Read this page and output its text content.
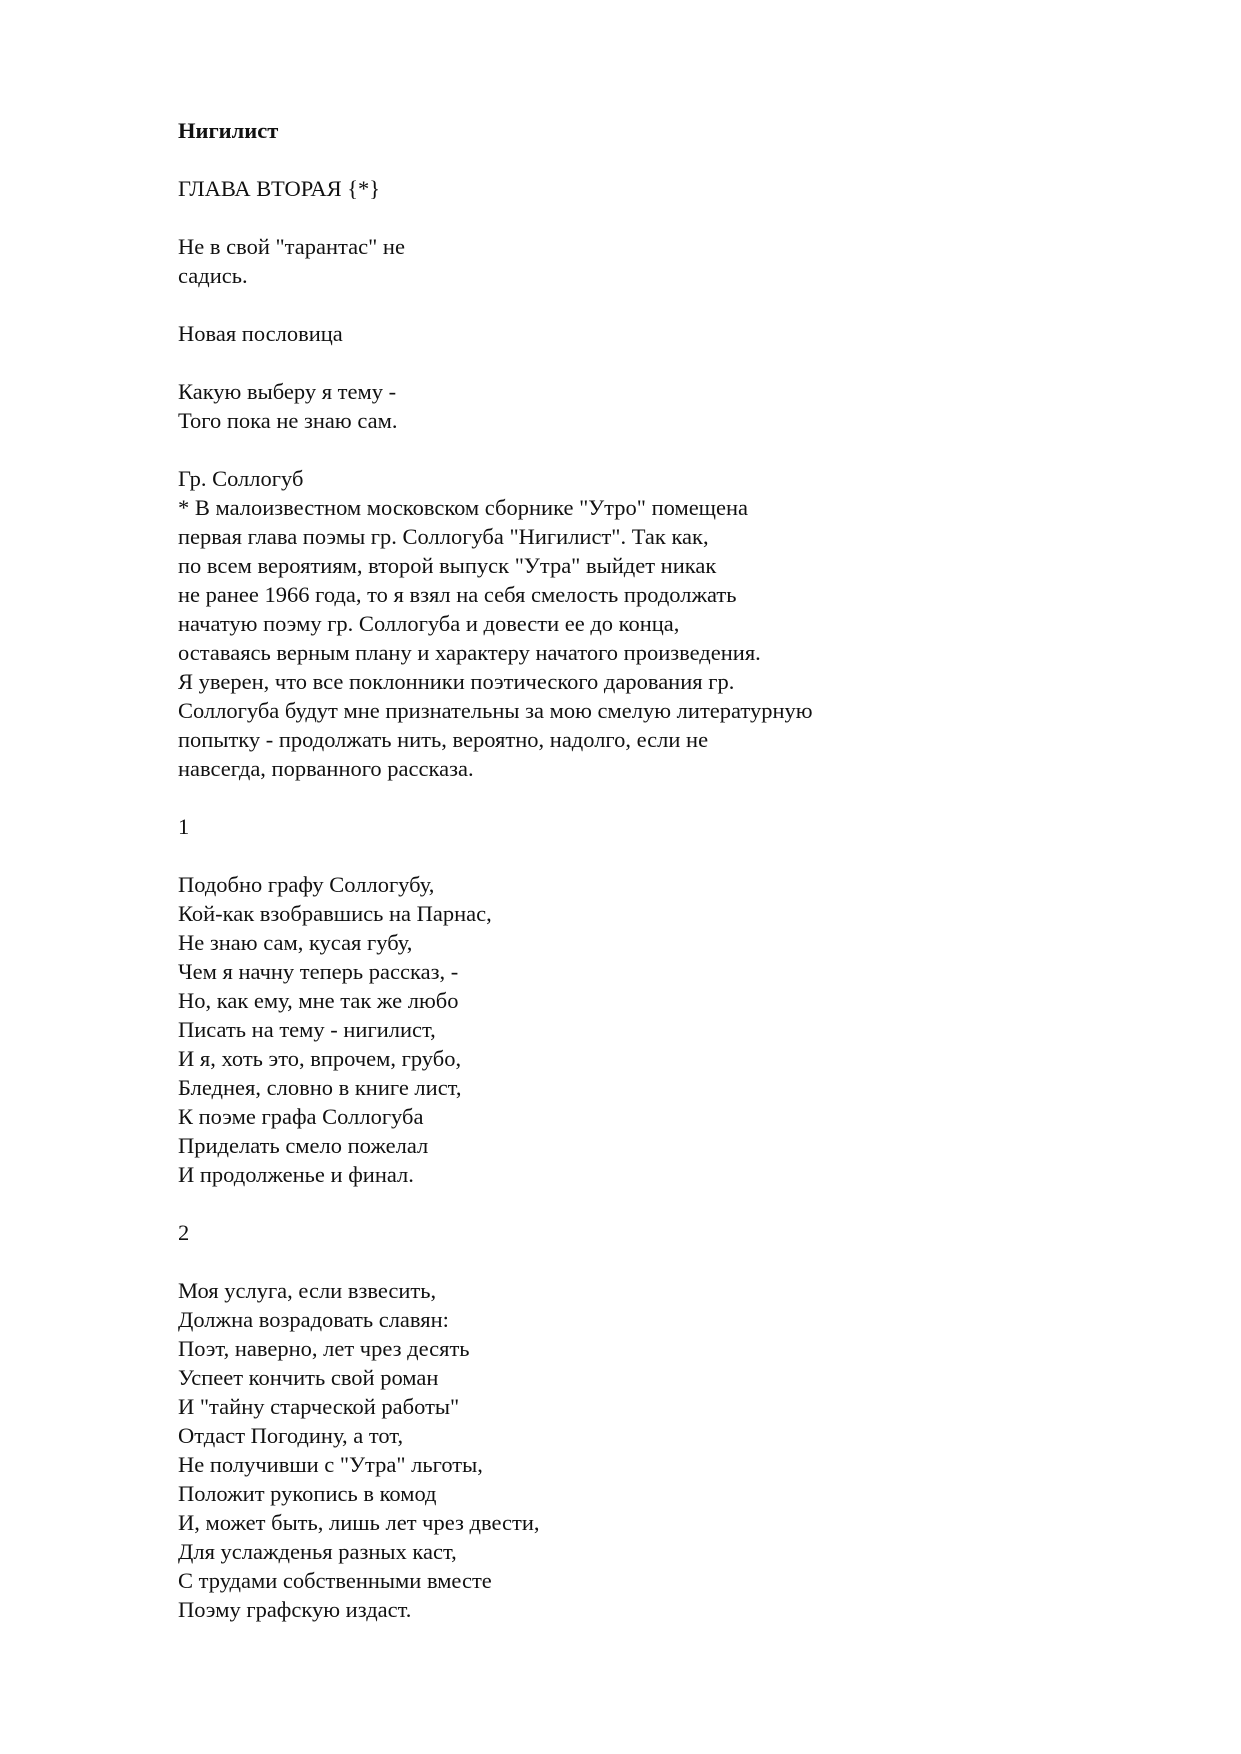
Нигилист
ГЛАВА ВТОРАЯ {*}
Не в свой "тарантас" не
садись.
Новая пословица
Какую выберу я тему -
Того пока не знаю сам.
Гр. Соллогуб
* В малоизвестном московском сборнике "Утро" помещена
первая глава поэмы гр. Соллогуба "Нигилист". Так как,
по всем вероятиям, второй выпуск "Утра" выйдет никак
не ранее 1966 года, то я взял на себя смелость продолжать
начатую поэму гр. Соллогуба и довести ее до конца,
оставаясь верным плану и характеру начатого произведения.
Я уверен, что все поклонники поэтического дарования гр.
Соллогуба будут мне признательны за мою смелую литературную
попытку - продолжать нить, вероятно, надолго, если не
навсегда, порванного рассказа.
1
Подобно графу Соллогубу,
Кой-как взобравшись на Парнас,
Не знаю сам, кусая губу,
Чем я начну теперь рассказ, -
Но, как ему, мне так же любо
Писать на тему - нигилист,
И я, хоть это, впрочем, грубо,
Бледнея, словно в книге лист,
К поэме графа Соллогуба
Приделать смело пожелал
И продолженье и финал.
2
Моя услуга, если взвесить,
Должна возрадовать славян:
Поэт, наверно, лет чрез десять
Успеет кончить свой роман
И "тайну старческой работы"
Отдаст Погодину, а тот,
Не получивши с "Утра" льготы,
Положит рукопись в комод
И, может быть, лишь лет чрез двести,
Для услажденья разных каст,
С трудами собственными вместе
Поэму графскую издаст.
